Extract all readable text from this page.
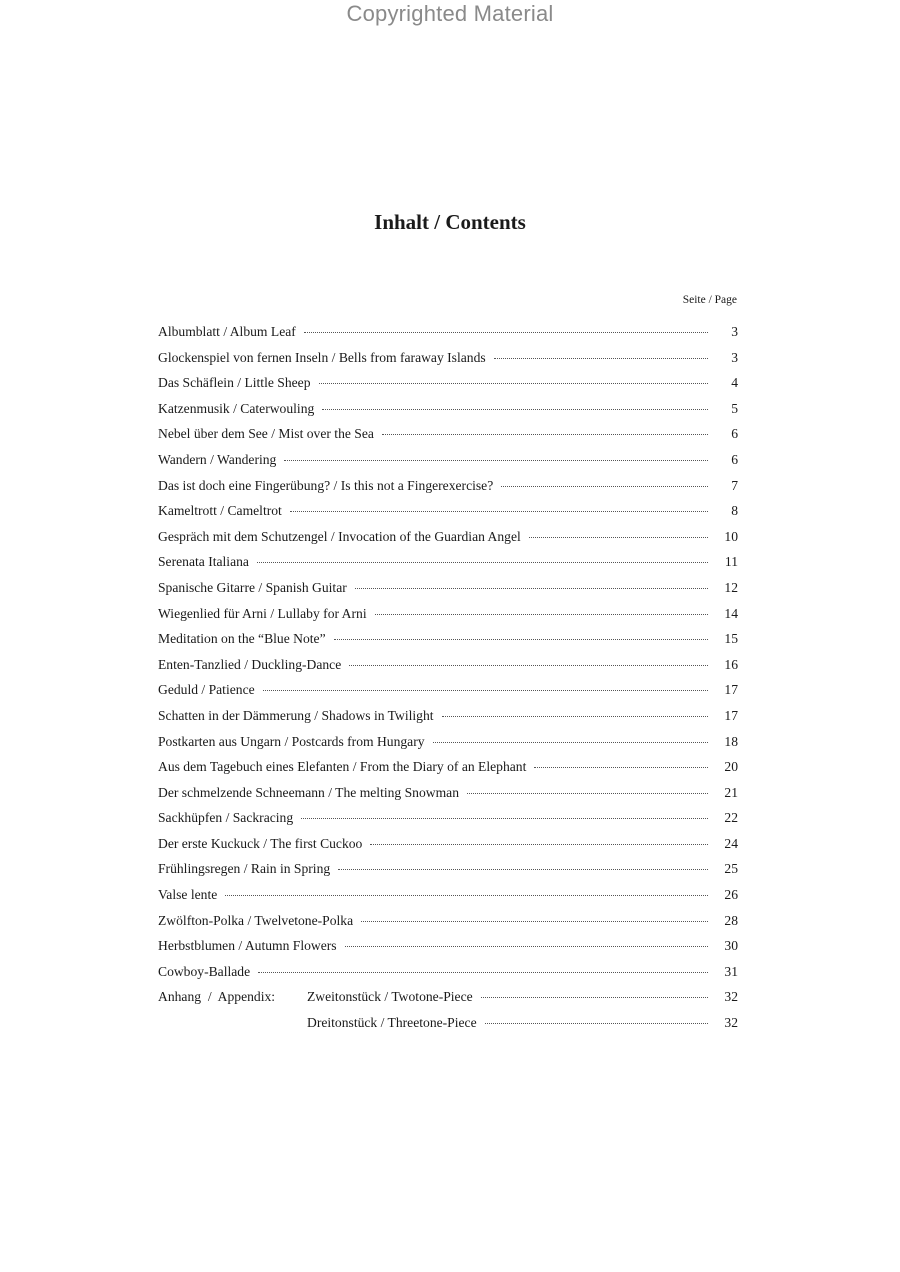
Copyrighted Material
Inhalt / Contents
Seite / Page
Albumblatt / Album Leaf	3
Glockenspiel von fernen Inseln / Bells from faraway Islands	3
Das Schäflein / Little Sheep	4
Katzenmusik / Caterwouling	5
Nebel über dem See / Mist over the Sea	6
Wandern / Wandering	6
Das ist doch eine Fingerübung? / Is this not a Fingerexercise?	7
Kameltrott / Cameltrot	8
Gespräch mit dem Schutzengel / Invocation of the Guardian Angel	10
Serenata Italiana	11
Spanische Gitarre / Spanish Guitar	12
Wiegenlied für Arni / Lullaby for Arni	14
Meditation on the “Blue Note”	15
Enten-Tanzlied / Duckling-Dance	16
Geduld / Patience	17
Schatten in der Dämmerung / Shadows in Twilight	17
Postkarten aus Ungarn / Postcards from Hungary	18
Aus dem Tagebuch eines Elefanten / From the Diary of an Elephant	20
Der schmelzende Schneemann / The melting Snowman	21
Sackhüpfen / Sackracing	22
Der erste Kuckuck / The first Cuckoo	24
Frühlingsregen / Rain in Spring	25
Valse lente	26
Zwölfton-Polka / Twelvetone-Polka	28
Herbstblumen / Autumn Flowers	30
Cowboy-Ballade	31
Anhang  /  Appendix:	Zweitonstück / Twotone-Piece	32
Dreitonstück / Threetone-Piece	32
